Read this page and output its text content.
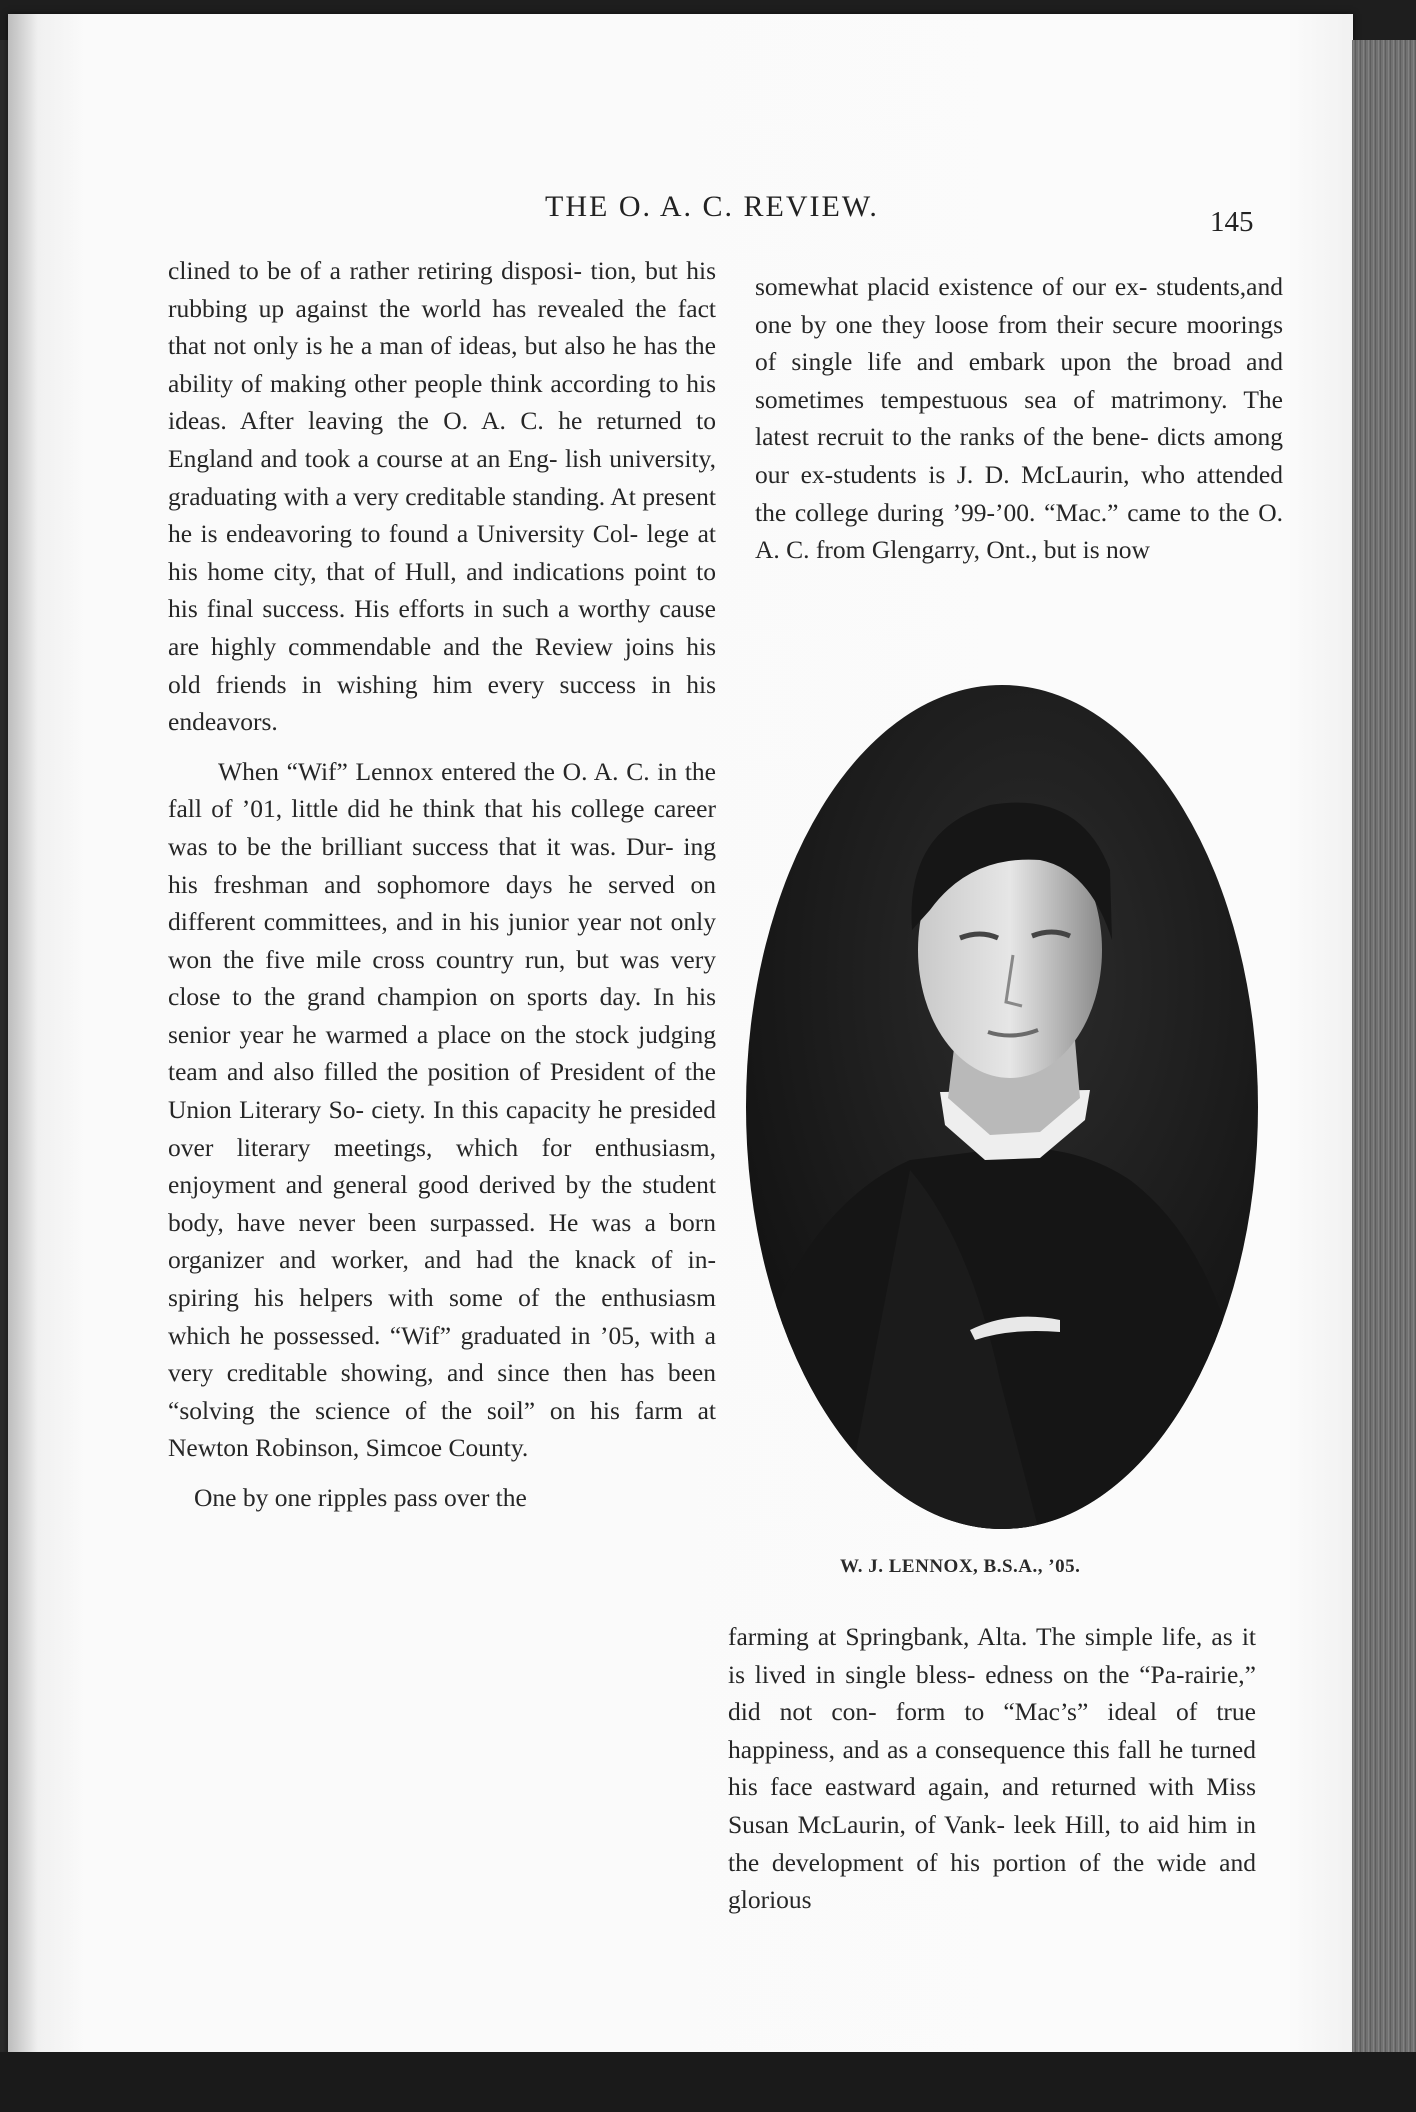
THE O. A. C. REVIEW.	145

clined to be of a rather retiring disposi- tion, but his rubbing up against the world has revealed the fact that not only is he a man of ideas, but also he has the ability of making other people think according to his ideas. After leaving the O. A. C. he returned to England and took a course at an Eng- lish university, graduating with a very creditable standing. At present he is endeavoring to found a University Col- lege at his home city, that of Hull, and indications point to his final success. His efforts in such a worthy cause are highly commendable and the Review joins his old friends in wishing him every success in his endeavors.

When “Wif” Lennox entered the O. A. C. in the fall of ’01, little did he think that his college career was to be the brilliant success that it was. Dur- ing his freshman and sophomore days he served on different committees, and in his junior year not only won the five mile cross country run, but was very close to the grand champion on sports day. In his senior year he warmed a place on the stock judging team and also filled the position of President of the Union Literary So- ciety. In this capacity he presided over literary meetings, which for enthusiasm, enjoyment and general good derived by the student body, have never been surpassed. He was a born organizer and worker, and had the knack of in- spiring his helpers with some of the enthusiasm which he possessed. “Wif” graduated in ’05, with a very creditable showing, and since then has been “solving the science of the soil” on his farm at Newton Robinson, Simcoe County.

One by one ripples pass over the

somewhat placid existence of our ex- students,and one by one they loose from their secure moorings of single life and embark upon the broad and sometimes tempestuous sea of matrimony. The latest recruit to the ranks of the bene- dicts among our ex-students is J. D. McLaurin, who attended the college during ’99-’00. “Mac.” came to the O. A. C. from Glengarry, Ont., but is now

W. J. LENNOX, B.S.A., ’05.

farming at Springbank, Alta. The simple life, as it is lived in single bless- edness on the “Pa-rairie,” did not con- form to “Mac’s” ideal of true happiness, and as a consequence this fall he turned his face eastward again, and returned with Miss Susan McLaurin, of Vank- leek Hill, to aid him in the development of his portion of the wide and glorious
